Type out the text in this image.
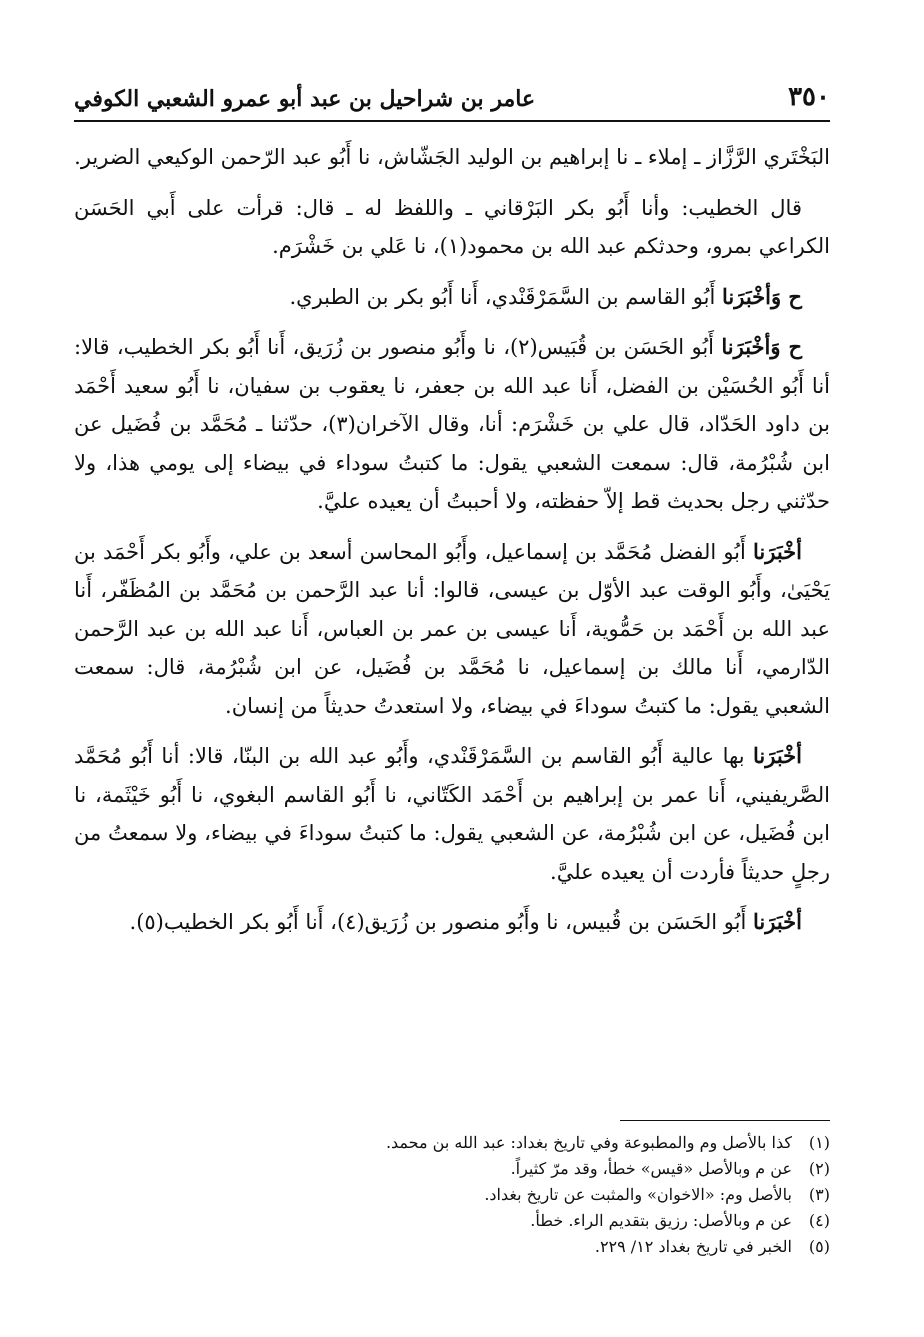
٣٥٠
عامر بن شراحيل بن عبد أبو عمرو الشعبي الكوفي

البَخْتَري الرَّزَّاز ـ إملاء ـ نا إبراهيم بن الوليد الجَشّاش، نا أَبُو عبد الرّحمن الوكيعي الضرير.

قال الخطيب: وأنا أَبُو بكر البَرْقاني ـ واللفظ له ـ قال: قرأت على أَبي الحَسَن الكراعي بمرو، وحدثكم عبد الله بن محمود(١)، نا عَلي بن خَشْرَم.

ح وَأخْبَرَنا أَبُو القاسم بن السَّمَرْقَنْدي، أَنا أَبُو بكر بن الطبري.

ح وَأخْبَرَنا أَبُو الحَسَن بن قُبَيس(٢)، نا وأَبُو منصور بن زُرَيق، أَنا أَبُو بكر الخطيب، قالا: أنا أَبُو الحُسَيْن بن الفضل، أَنا عبد الله بن جعفر، نا يعقوب بن سفيان، نا أَبُو سعيد أَحْمَد بن داود الحَدّاد، قال علي بن خَشْرَم: أنا، وقال الآخران(٣)، حدّثنا ـ مُحَمَّد بن فُضَيل عن ابن شُبْرُمة، قال: سمعت الشعبي يقول: ما كتبتُ سوداء في بيضاء إلى يومي هذا، ولا حدّثني رجل بحديث قط إلاّ حفظته، ولا أحببتُ أن يعيده عليَّ.

أخْبَرَنا أَبُو الفضل مُحَمَّد بن إسماعيل، وأَبُو المحاسن أسعد بن علي، وأَبُو بكر أَحْمَد بن يَحْيَىٰ، وأَبُو الوقت عبد الأوّل بن عيسى، قالوا: أنا عبد الرَّحمن بن مُحَمَّد بن المُظَفّر، أَنا عبد الله بن أَحْمَد بن حَمُّوية، أَنا عيسى بن عمر بن العباس، أَنا عبد الله بن عبد الرَّحمن الدّارمي، أَنا مالك بن إسماعيل، نا مُحَمَّد بن فُضَيل، عن ابن شُبْرُمة، قال: سمعت الشعبي يقول: ما كتبتُ سوداءَ في بيضاء، ولا استعدتُ حديثاً من إنسان.

أخْبَرَنا بها عالية أَبُو القاسم بن السَّمَرْقَنْدي، وأَبُو عبد الله بن البنّا، قالا: أنا أَبُو مُحَمَّد الصَّريفيني، أَنا عمر بن إبراهيم بن أَحْمَد الكَتّاني، نا أَبُو القاسم البغوي، نا أَبُو خَيْثَمة، نا ابن فُضَيل، عن ابن شُبْرُمة، عن الشعبي يقول: ما كتبتُ سوداءَ في بيضاء، ولا سمعتُ من رجلٍ حديثاً فأردت أن يعيده عليَّ.

أخْبَرَنا أَبُو الحَسَن بن قُبيس، نا وأَبُو منصور بن زُرَيق(٤)، أَنا أَبُو بكر الخطيب(٥).

(١)
كذا بالأصل وم والمطبوعة وفي تاريخ بغداد: عبد الله بن محمد.
(٢)
عن م وبالأصل «قيس» خطأ، وقد مرّ كثيراً.
(٣)
بالأصل وم: «الاخوان» والمثبت عن تاريخ بغداد.
(٤)
عن م وبالأصل: رزيق بتقديم الراء. خطأ.
(٥)
الخبر في تاريخ بغداد ١٢/ ٢٢٩.
